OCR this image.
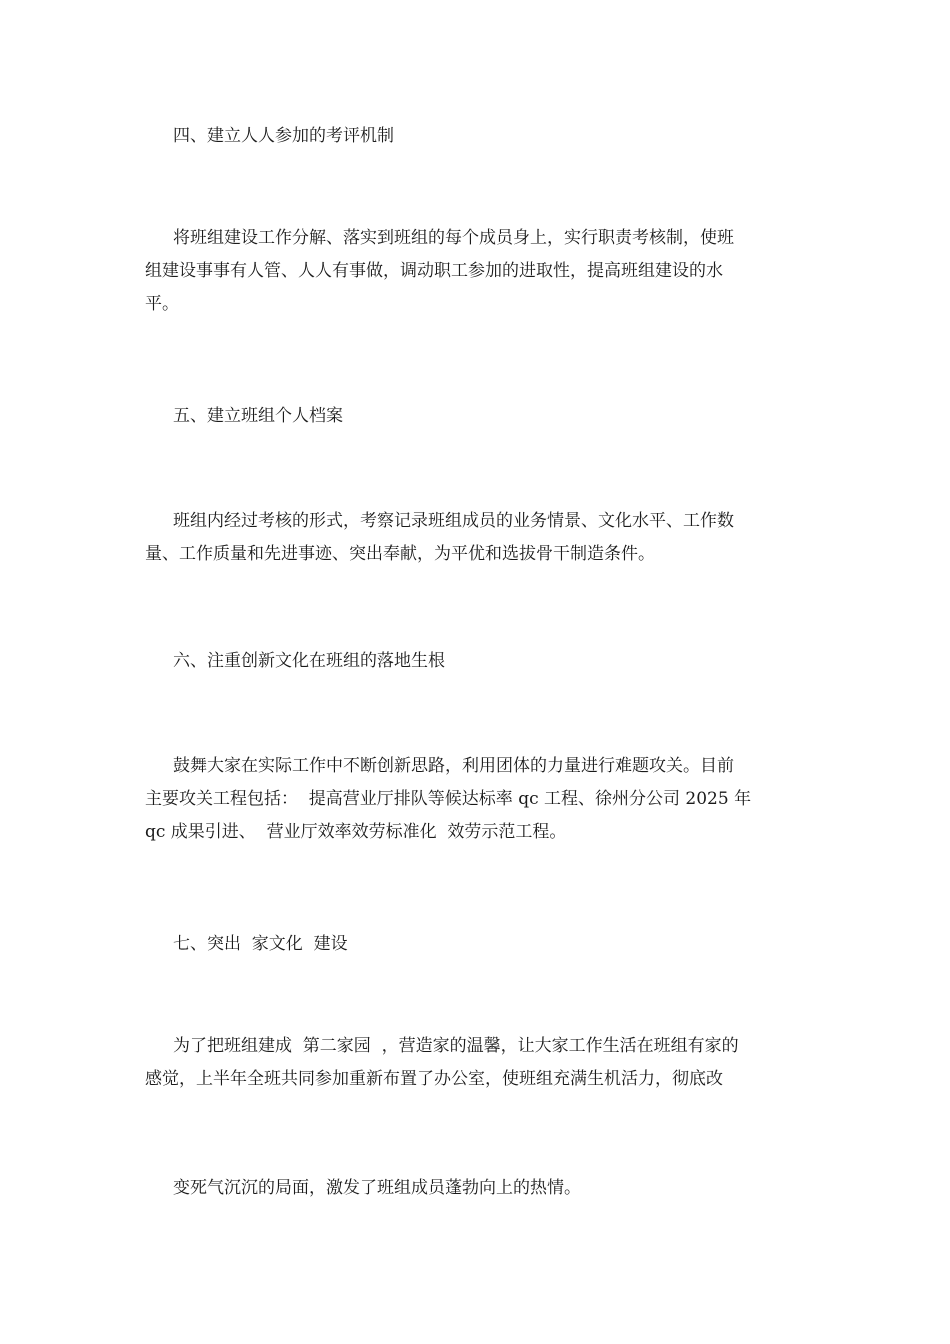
四、建立人人参加的考评机制

将班组建设工作分解、落实到班组的每个成员身上，实行职责考核制，使班
组建设事事有人管、人人有事做，调动职工参加的进取性，提高班组建设的水
平。

五、建立班组个人档案

班组内经过考核的形式，考察记录班组成员的业务情景、文化水平、工作数
量、工作质量和先进事迹、突出奉献，为平优和选拔骨干制造条件。

六、注重创新文化在班组的落地生根

鼓舞大家在实际工作中不断创新思路，利用团体的力量进行难题攻关。目前
主要攻关工程包括：  提高营业厅排队等候达标率 qc 工程、徐州分公司 2025 年
qc 成果引进、  营业厅效率效劳标准化  效劳示范工程。

七、突出  家文化  建设

为了把班组建成  第二家园  ，营造家的温馨，让大家工作生活在班组有家的
感觉，上半年全班共同参加重新布置了办公室，使班组充满生机活力，彻底改

变死气沉沉的局面，激发了班组成员蓬勃向上的热情。
